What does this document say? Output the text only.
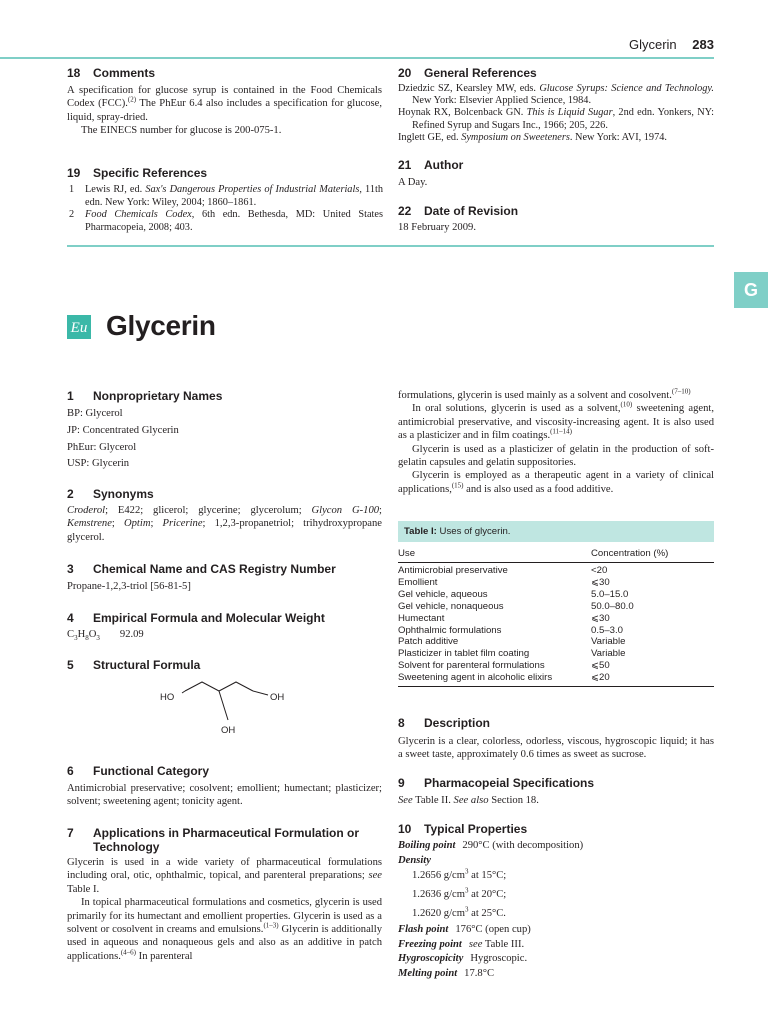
Glycerin 283
G
18 Comments
A specification for glucose syrup is contained in the Food Chemicals Codex (FCC).$^{(2)}$ The PhEur 6.4 also includes a specification for glucose, liquid, spray-dried.
The EINECS number for glucose is 200-075-1.
19 Specific References
1 Lewis RJ, ed. Sax's Dangerous Properties of Industrial Materials, 11th edn. New York: Wiley, 2004; 1860–1861.
2 Food Chemicals Codex, 6th edn. Bethesda, MD: United States Pharmacopeia, 2008; 403.
20 General References
Dziedzic SZ, Kearsley MW, eds. Glucose Syrups: Science and Technology. New York: Elsevier Applied Science, 1984.
Hoynak RX, Bolcenback GN. This is Liquid Sugar, 2nd edn. Yonkers, NY: Refined Syrup and Sugars Inc., 1966; 205, 226.
Inglett GE, ed. Symposium on Sweeteners. New York: AVI, 1974.
21 Author
A Day.
22 Date of Revision
18 February 2009.
Eu Glycerin
1 Nonproprietary Names
BP: Glycerol
JP: Concentrated Glycerin
PhEur: Glycerol
USP: Glycerin
2 Synonyms
Croderol; E422; glicerol; glycerine; glycerolum; Glycon G-100; Kemstrene; Optim; Pricerine; 1,2,3-propanetriol; trihydroxypropane glycerol.
3 Chemical Name and CAS Registry Number
Propane-1,2,3-triol [56-81-5]
4 Empirical Formula and Molecular Weight
$C_3H_8O_3$ 92.09
5 Structural Formula
HO	OH
OH
6 Functional Category
Antimicrobial preservative; cosolvent; emollient; humectant; plasticizer; solvent; sweetening agent; tonicity agent.
7 Applications in Pharmaceutical Formulation or
Technology
Glycerin is used in a wide variety of pharmaceutical formulations including oral, otic, ophthalmic, topical, and parenteral preparations; see Table I.
In topical pharmaceutical formulations and cosmetics, glycerin is used primarily for its humectant and emollient properties. Glycerin is used as a solvent or cosolvent in creams and emulsions.$^{(1-3)}$ Glycerin is additionally used in aqueous and nonaqueous gels and also as an additive in patch applications.$^{(4-6)}$ In parenteral
formulations, glycerin is used mainly as a solvent and cosolvent.$^{(7-10)}$
In oral solutions, glycerin is used as a solvent,$^{(10)}$ sweetening agent, antimicrobial preservative, and viscosity-increasing agent. It is also used as a plasticizer and in film coatings.$^{(11-14)}$
Glycerin is used as a plasticizer of gelatin in the production of soft-gelatin capsules and gelatin suppositories.
Glycerin is employed as a therapeutic agent in a variety of clinical applications,$^{(15)}$ and is also used as a food additive.
Table I: Uses of glycerin.
Use	Concentration (%)
Antimicrobial preservative	<20
Emollient	⩽30
Gel vehicle, aqueous	5.0–15.0
Gel vehicle, nonaqueous	50.0–80.0
Humectant	⩽30
Ophthalmic formulations	0.5–3.0
Patch additive	Variable
Plasticizer in tablet film coating	Variable
Solvent for parenteral formulations	⩽50
Sweetening agent in alcoholic elixirs	⩽20
8 Description
Glycerin is a clear, colorless, odorless, viscous, hygroscopic liquid; it has a sweet taste, approximately 0.6 times as sweet as sucrose.
9 Pharmacopeial Specifications
See Table II. See also Section 18.
10 Typical Properties
Boiling point 290°C (with decomposition)
Density
1.2656 $g/cm^3$ at 15°C;
1.2636 $g/cm^3$ at 20°C;
1.2620 $g/cm^3$ at 25°C.
Flash point 176°C (open cup)
Freezing point see Table III.
Hygroscopicity Hygroscopic.
Melting point 17.8°C
